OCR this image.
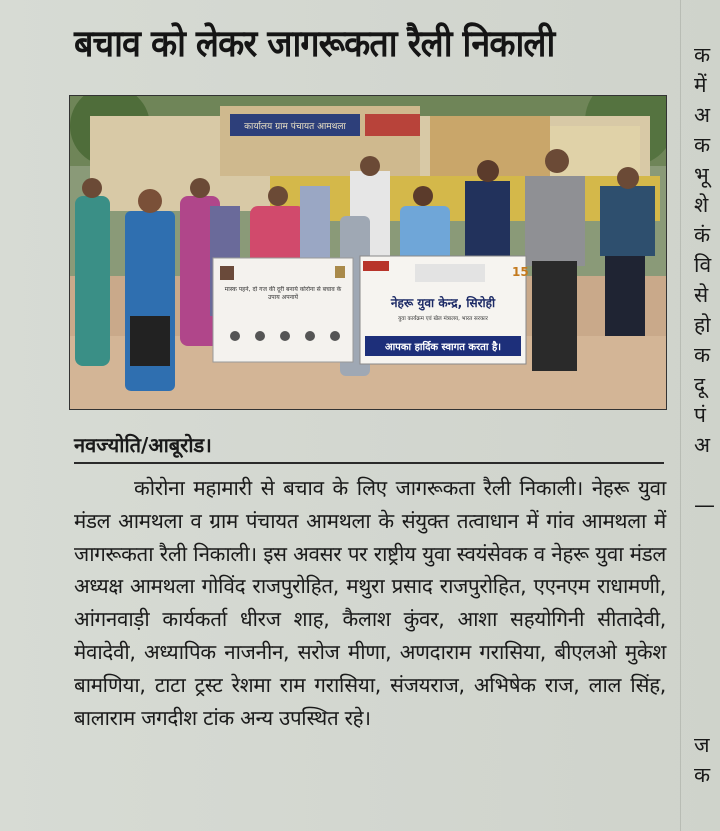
बचाव को लेकर जागरूकता रैली निकाली
कार्यालय ग्राम पंचायत आमथला
मास्क पहने, दो गज की दूरी बनाये कोरोना से बचाव के उपाय अपनायें
15
नेहरू युवा केन्द्र, सिरोही
युवा कार्यक्रम एवं खेल मंत्रालय, भारत सरकार
आपका हार्दिक स्वागत करता है।
नवज्योति/आबूरोड।

कोरोना महामारी से बचाव के लिए जागरूकता रैली निकाली। नेहरू युवा मंडल आमथला व ग्राम पंचायत आमथला के संयुक्त तत्वाधान में गांव आमथला में जागरूकता रैली निकाली। इस अवसर पर राष्ट्रीय युवा स्वयंसेवक व नेहरू युवा मंडल अध्यक्ष आमथला गोविंद राजपुरोहित, मथुरा प्रसाद राजपुरोहित, एएनएम राधामणी, आंगनवाड़ी कार्यकर्ता धीरज शाह, कैलाश कुंवर, आशा सहयोगिनी सीतादेवी, मेवादेवी, अध्यापिक नाजनीन, सरोज मीणा, अणदाराम गरासिया, बीएलओ मुकेश बामणिया, टाटा ट्रस्ट रेशमा राम गरासिया, संजयराज, अभिषेक राज, लाल सिंह, बालाराम जगदीश टांक अन्य उपस्थित रहे।

क
में
अ
क
भू
शे
कं
वि
से
हो
क
दू
पं
अ
—
ज
क
